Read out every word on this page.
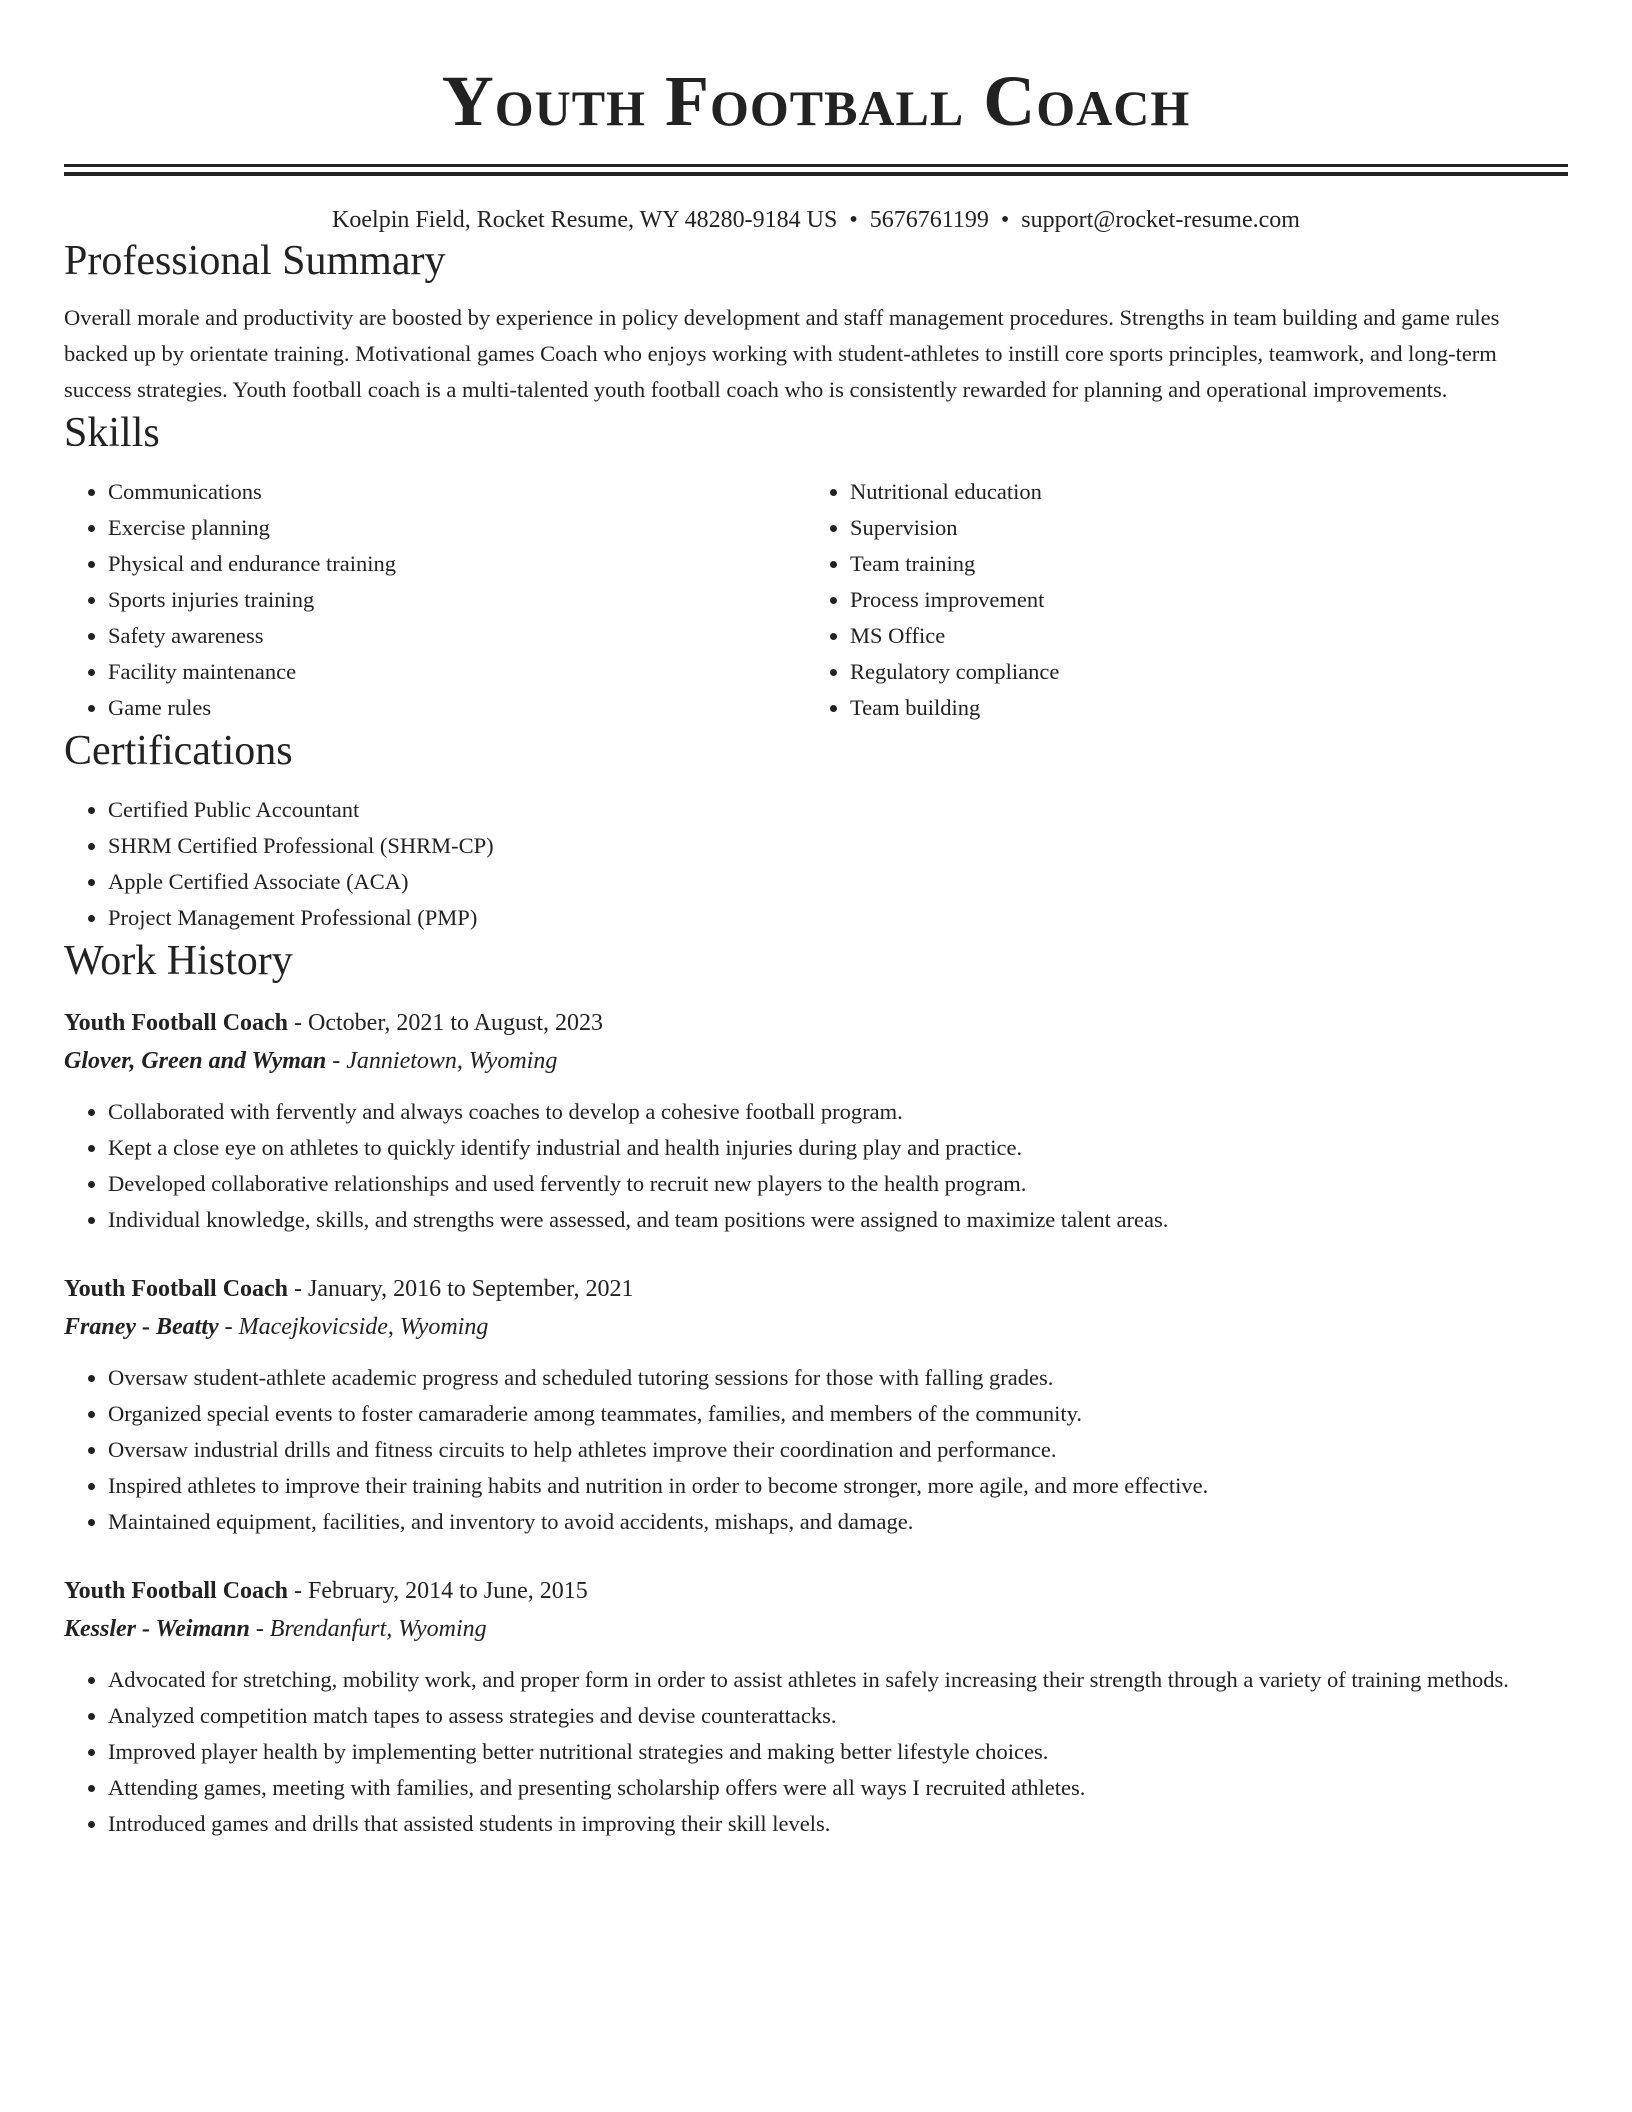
Youth Football Coach
Koelpin Field, Rocket Resume, WY 48280-9184 US • 5676761199 • support@rocket-resume.com
Professional Summary

Overall morale and productivity are boosted by experience in policy development and staff management procedures. Strengths in team building and game rules backed up by orientate training. Motivational games Coach who enjoys working with student-athletes to instill core sports principles, teamwork, and long-term success strategies. Youth football coach is a multi-talented youth football coach who is consistently rewarded for planning and operational improvements.

Skills
• Communications
• Exercise planning
• Physical and endurance training
• Sports injuries training
• Safety awareness
• Facility maintenance
• Game rules
• Nutritional education
• Supervision
• Team training
• Process improvement
• MS Office
• Regulatory compliance
• Team building
Certifications
• Certified Public Accountant
• SHRM Certified Professional (SHRM-CP)
• Apple Certified Associate (ACA)
• Project Management Professional (PMP)
Work History
Youth Football Coach - October, 2021 to August, 2023
Glover, Green and Wyman - Jannietown, Wyoming
• Collaborated with fervently and always coaches to develop a cohesive football program.
• Kept a close eye on athletes to quickly identify industrial and health injuries during play and practice.
• Developed collaborative relationships and used fervently to recruit new players to the health program.
• Individual knowledge, skills, and strengths were assessed, and team positions were assigned to maximize talent areas.
Youth Football Coach - January, 2016 to September, 2021
Franey - Beatty - Macejkovicside, Wyoming
• Oversaw student-athlete academic progress and scheduled tutoring sessions for those with falling grades.
• Organized special events to foster camaraderie among teammates, families, and members of the community.
• Oversaw industrial drills and fitness circuits to help athletes improve their coordination and performance.
• Inspired athletes to improve their training habits and nutrition in order to become stronger, more agile, and more effective.
• Maintained equipment, facilities, and inventory to avoid accidents, mishaps, and damage.
Youth Football Coach - February, 2014 to June, 2015
Kessler - Weimann - Brendanfurt, Wyoming
• Advocated for stretching, mobility work, and proper form in order to assist athletes in safely increasing their strength through a variety of training methods.
• Analyzed competition match tapes to assess strategies and devise counterattacks.
• Improved player health by implementing better nutritional strategies and making better lifestyle choices.
• Attending games, meeting with families, and presenting scholarship offers were all ways I recruited athletes.
• Introduced games and drills that assisted students in improving their skill levels.
